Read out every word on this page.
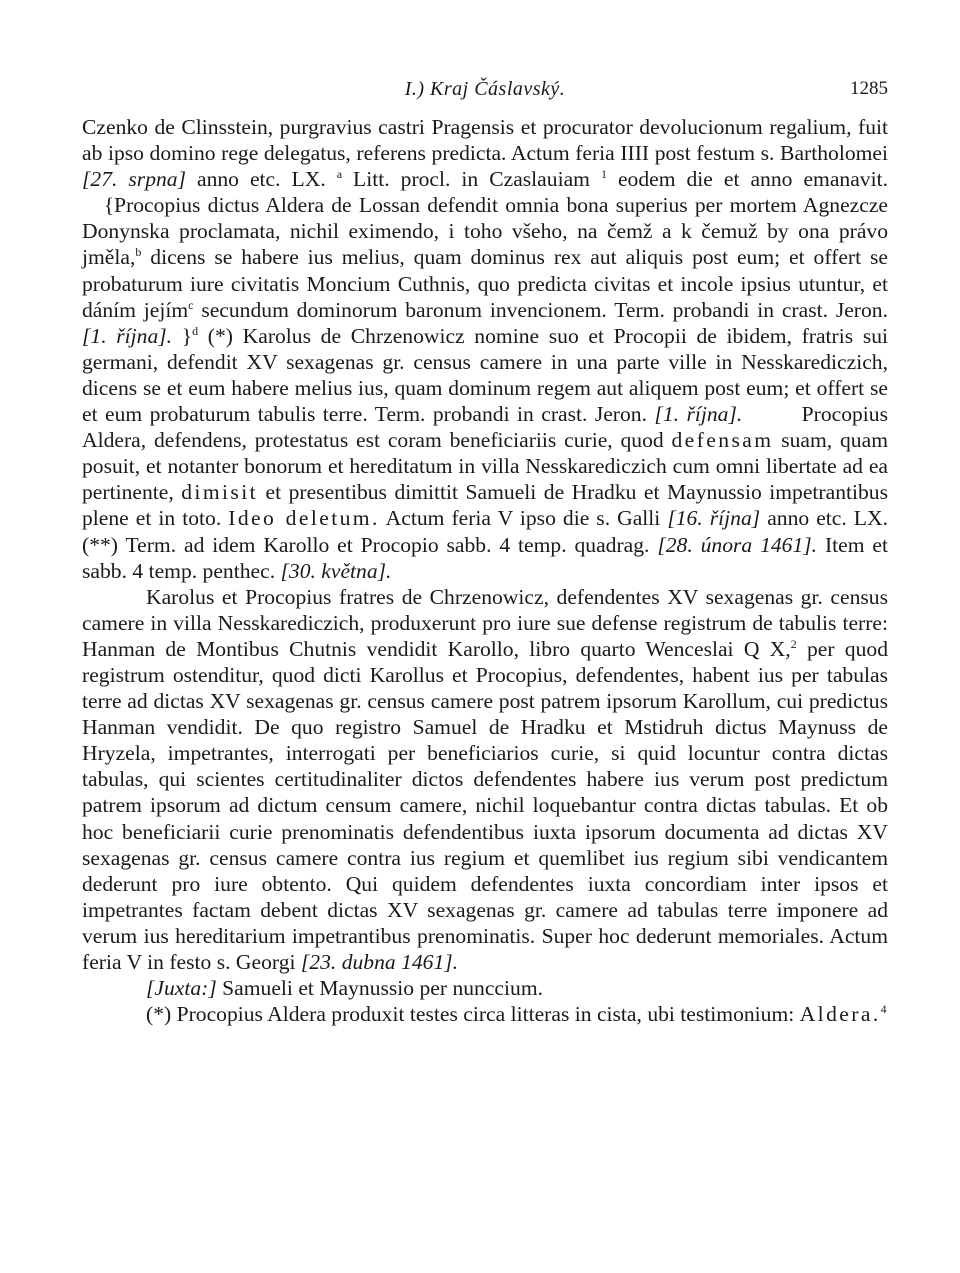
I.) Kraj Čáslavský.	1285

Czenko de Clinsstein, purgravius castri Pragensis et procurator devolucionum regalium, fuit ab ipso domino rege delegatus, referens predicta. Actum feria IIII post festum s. Bartholomei [27. srpna] anno etc. LX. $^a$ Litt. procl. in Czaslauiam $^1$ eodem die et anno emanavit.    {Procopius dictus Aldera de Lossan defendit omnia bona superius per mortem Agnezcze Donynska proclamata, nichil eximendo, i toho všeho, na čemž a k čemuž by ona právo jměla,$^b$ dicens se habere ius melius, quam dominus rex aut aliquis post eum; et offert se probaturum iure civitatis Moncium Cuthnis, quo predicta civitas et incole ipsius utuntur, et dáním jejím$^c$ secundum dominorum baronum invencionem. Term. probandi in crast. Jeron. [1. října]. }$^d$ (*) Karolus de Chrzenowicz nomine suo et Procopii de ibidem, fratris sui germani, defendit XV sexagenas gr. census camere in una parte ville in Nesskarediczich, dicens se et eum habere melius ius, quam dominum regem aut aliquem post eum; et offert se et eum probaturum tabulis terre. Term. probandi in crast. Jeron. [1. října].        Procopius Aldera, defendens, protestatus est coram beneficiariis curie, quod defensam suam, quam posuit, et notanter bonorum et hereditatum in villa Nesskarediczich cum omni libertate ad ea pertinente, dimisit et presentibus dimittit Samueli de Hradku et Maynussio impetrantibus plene et in toto. Ideo deletum. Actum feria V ipso die s. Galli [16. října] anno etc. LX. (**) Term. ad idem Karollo et Procopio sabb. 4 temp. quadrag. [28. února 1461]. Item et sabb. 4 temp. penthec. [30. května].

Karolus et Procopius fratres de Chrzenowicz, defendentes XV sexagenas gr. census camere in villa Nesskarediczich, produxerunt pro iure sue defense registrum de tabulis terre: Hanman de Montibus Chutnis vendidit Karollo, libro quarto Wenceslai Q X,$^2$ per quod registrum ostenditur, quod dicti Karollus et Procopius, defendentes, habent ius per tabulas terre ad dictas XV sexagenas gr. census camere post patrem ipsorum Karollum, cui predictus Hanman vendidit. De quo registro Samuel de Hradku et Mstidruh dictus Maynuss de Hryzela, impetrantes, interrogati per beneficiarios curie, si quid locuntur contra dictas tabulas, qui scientes certitudinaliter dictos defendentes habere ius verum post predictum patrem ipsorum ad dictum censum camere, nichil loquebantur contra dictas tabulas. Et ob hoc beneficiarii curie prenominatis defendentibus iuxta ipsorum documenta ad dictas XV sexagenas gr. census camere contra ius regium et quemlibet ius regium sibi vendicantem dederunt pro iure obtento. Qui quidem defendentes iuxta concordiam inter ipsos et impetrantes factam debent dictas XV sexagenas gr. camere ad tabulas terre imponere ad verum ius hereditarium impetrantibus prenominatis. Super hoc dederunt memoriales. Actum feria V in festo s. Georgi [23. dubna 1461].

[Juxta:] Samueli et Maynussio per nunccium.

(*) Procopius Aldera produxit testes circa litteras in cista, ubi testimonium: Aldera.$^4$
